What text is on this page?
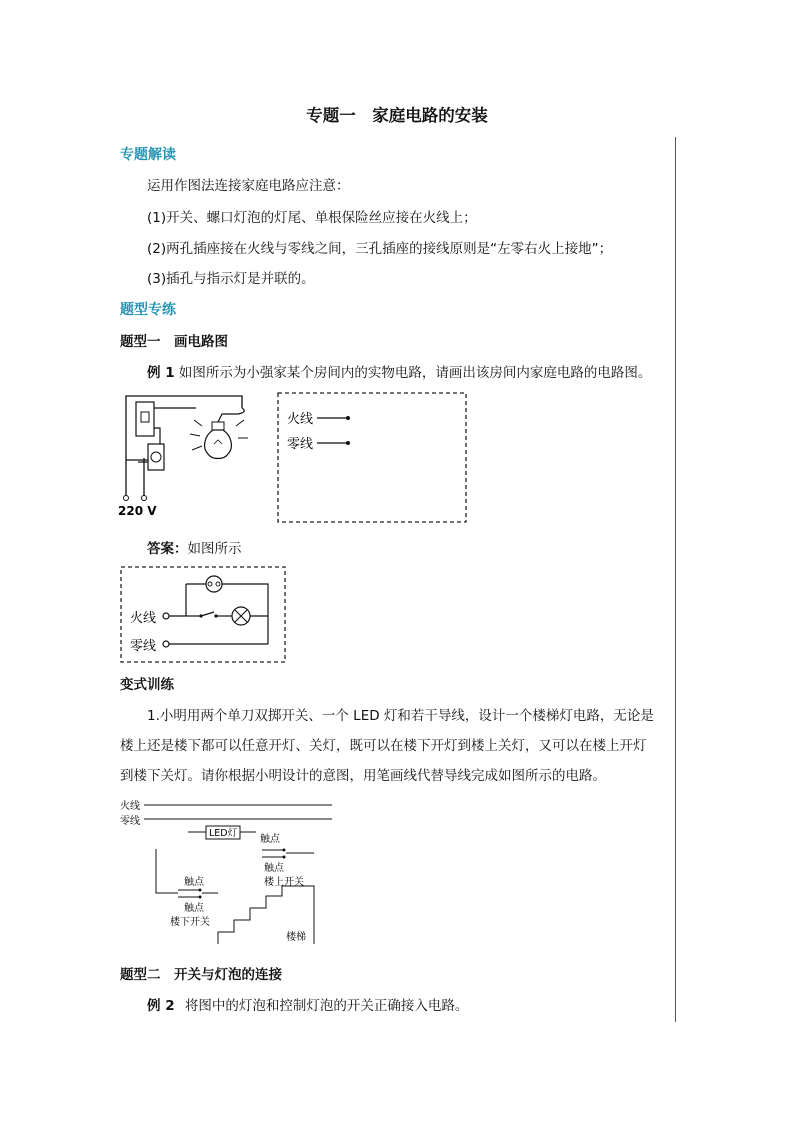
专题一　家庭电路的安装
专题解读
运用作图法连接家庭电路应注意：
(1)开关、螺口灯泡的灯尾、单根保险丝应接在火线上；
(2)两孔插座接在火线与零线之间，三孔插座的接线原则是“左零右火上接地”；
(3)插孔与指示灯是并联的。
题型专练
题型一　画电路图
例 1 如图所示为小强家某个房间内的实物电路，请画出该房间内家庭电路的电路图。
220 V
火线
零线
答案：如图所示
火线
零线
变式训练
1.小明用两个单刀双掷开关、一个 LED 灯和若干导线，设计一个楼梯灯电路，无论是
楼上还是楼下都可以任意开灯、关灯，既可以在楼下开灯到楼上关灯，又可以在楼上开灯
到楼下关灯。请你根据小明设计的意图，用笔画线代替导线完成如图所示的电路。
火线
零线
LED灯
触点
触点
楼上开关
触点
触点
楼下开关
楼梯
题型二　开关与灯泡的连接
例 2 将图中的灯泡和控制灯泡的开关正确接入电路。
